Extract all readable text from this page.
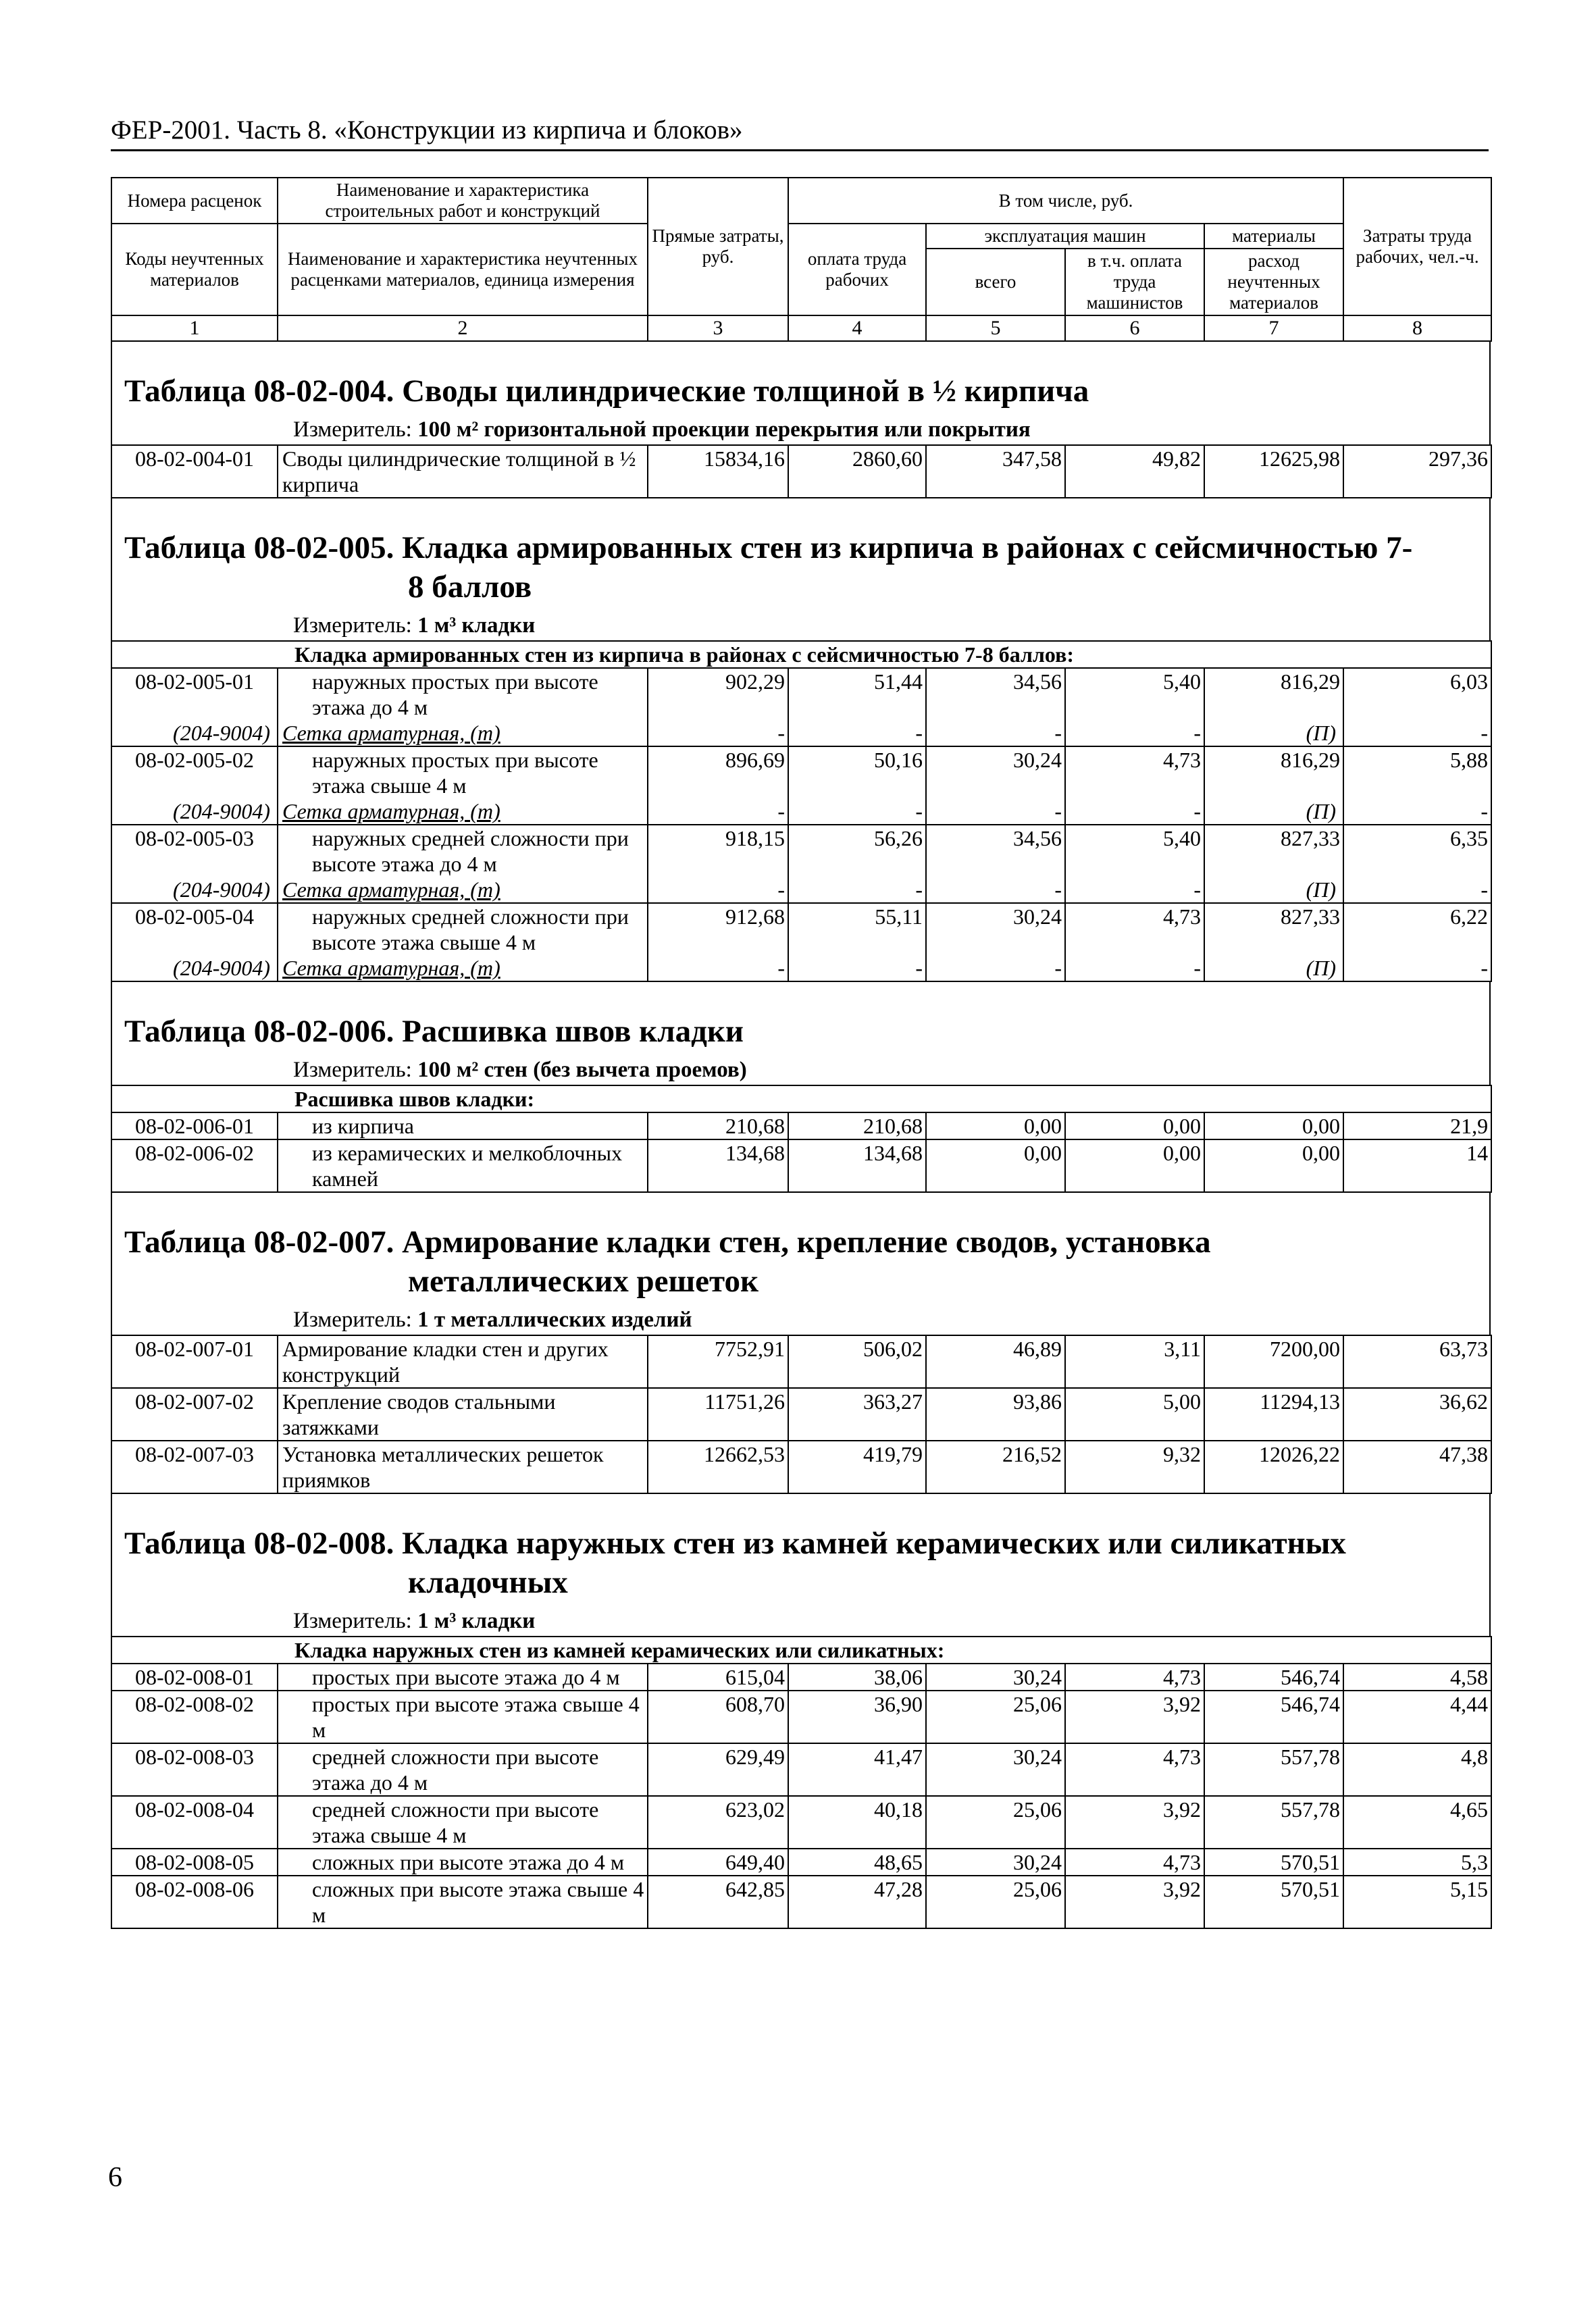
ФЕР-2001. Часть 8. «Конструкции из кирпича и блоков»
Номера расценок	Наименование и характеристика строительных работ и конструкций	Прямые затраты, руб.	В том числе, руб.				Затраты труда рабочих, чел.-ч.
Коды неучтенных материалов	Наименование и характеристика неучтенных расценками материалов, единица измерения		оплата труда рабочих	эксплуатация машин		материалы	
				всего	в т.ч. оплата труда машинистов	расход неучтенных материалов	
1	2	3	4	5	6	7	8
Таблица 08-02-004. Своды цилиндрические толщиной в ½ кирпича
Измеритель: 100 м² горизонтальной проекции перекрытия или покрытия
08-02-004-01	Своды цилиндрические толщиной в ½ кирпича	15834,16	2860,60	347,58	49,82	12625,98	297,36
Таблица 08-02-005. Кладка армированных стен из кирпича в районах с сейсмичностью 7-
8 баллов
Измеритель: 1 м³ кладки
Кладка армированных стен из кирпича в районах с сейсмичностью 7-8 баллов:							
08-02-005-01	наружных простых при высоте этажа до 4 м	902,29	51,44	34,56	5,40	816,29	6,03
(204-9004)	Сетка арматурная, (т)	-	-	-	-	(П)	-
08-02-005-02	наружных простых при высоте этажа свыше 4 м	896,69	50,16	30,24	4,73	816,29	5,88
(204-9004)	Сетка арматурная, (т)	-	-	-	-	(П)	-
08-02-005-03	наружных средней сложности при высоте этажа до 4 м	918,15	56,26	34,56	5,40	827,33	6,35
(204-9004)	Сетка арматурная, (т)	-	-	-	-	(П)	-
08-02-005-04	наружных средней сложности при высоте этажа свыше 4 м	912,68	55,11	30,24	4,73	827,33	6,22
(204-9004)	Сетка арматурная, (т)	-	-	-	-	(П)	-
Таблица 08-02-006. Расшивка швов кладки
Измеритель: 100 м² стен (без вычета проемов)
Расшивка швов кладки:							
08-02-006-01	из кирпича	210,68	210,68	0,00	0,00	0,00	21,9
08-02-006-02	из керамических и мелкоблочных камней	134,68	134,68	0,00	0,00	0,00	14
Таблица 08-02-007. Армирование кладки стен, крепление сводов, установка
металлических решеток
Измеритель: 1 т металлических изделий
08-02-007-01	Армирование кладки стен и других конструкций	7752,91	506,02	46,89	3,11	7200,00	63,73
08-02-007-02	Крепление сводов стальными затяжками	11751,26	363,27	93,86	5,00	11294,13	36,62
08-02-007-03	Установка металлических решеток приямков	12662,53	419,79	216,52	9,32	12026,22	47,38
Таблица 08-02-008. Кладка наружных стен из камней керамических или силикатных
кладочных
Измеритель: 1 м³ кладки
Кладка наружных стен из камней керамических или силикатных:							
08-02-008-01	простых при высоте этажа до 4 м	615,04	38,06	30,24	4,73	546,74	4,58
08-02-008-02	простых при высоте этажа свыше 4 м	608,70	36,90	25,06	3,92	546,74	4,44
08-02-008-03	средней сложности при высоте этажа до 4 м	629,49	41,47	30,24	4,73	557,78	4,8
08-02-008-04	средней сложности при высоте этажа свыше 4 м	623,02	40,18	25,06	3,92	557,78	4,65
08-02-008-05	сложных при высоте этажа до 4 м	649,40	48,65	30,24	4,73	570,51	5,3
08-02-008-06	сложных при высоте этажа свыше 4 м	642,85	47,28	25,06	3,92	570,51	5,15
6
